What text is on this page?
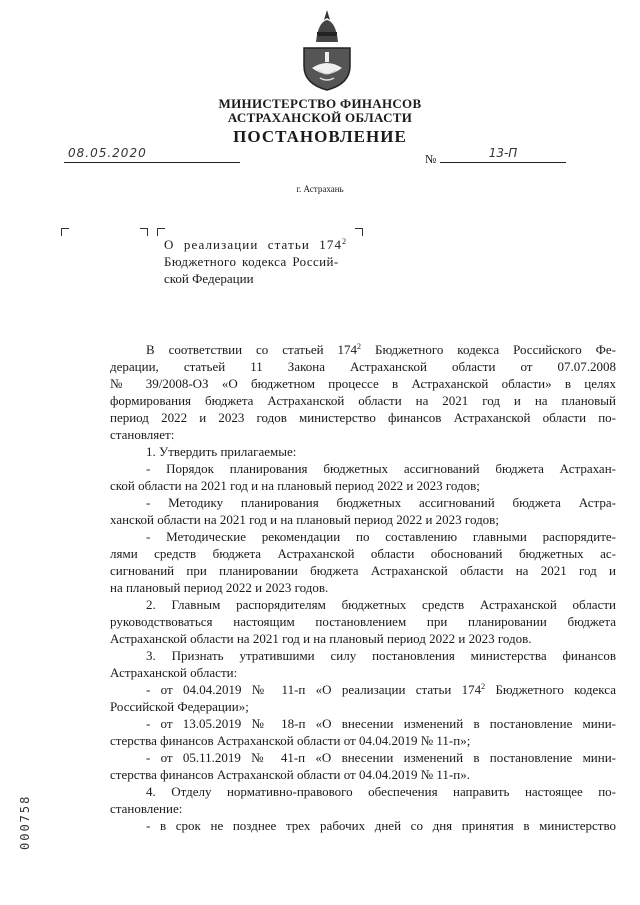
МИНИСТЕРСТВО ФИНАНСОВ
АСТРАХАНСКОЙ ОБЛАСТИ
ПОСТАНОВЛЕНИЕ
08.05.2020	№	13-П
г. Астрахань
О реализации статьи $174^2$
Бюджетного кодекса Россий-
ской Федерации
В соответствии со статьей $174^2$ Бюджетного кодекса Российского Фе-
дерации, статьей 11 Закона Астраханской области от 07.07.2008
№ 39/2008-ОЗ «О бюджетном процессе в Астраханской области» в целях
формирования бюджета Астраханской области на 2021 год и на плановый
период 2022 и 2023 годов министерство финансов Астраханской области по-
становляет:
1. Утвердить прилагаемые:
- Порядок планирования бюджетных ассигнований бюджета Астрахан-
ской области на 2021 год и на плановый период 2022 и 2023 годов;
- Методику планирования бюджетных ассигнований бюджета Астра-
ханской области на 2021 год и на плановый период 2022 и 2023 годов;
- Методические рекомендации по составлению главными распорядите-
лями средств бюджета Астраханской области обоснований бюджетных ас-
сигнований при планировании бюджета Астраханской области на 2021 год и
на плановый период 2022 и 2023 годов.
2. Главным распорядителям бюджетных средств Астраханской области
руководствоваться настоящим постановлением при планировании бюджета
Астраханской области на 2021 год и на плановый период 2022 и 2023 годов.
3. Признать утратившими силу постановления министерства финансов
Астраханской области:
- от 04.04.2019 № 11-п «О реализации статьи $174^2$ Бюджетного кодекса
Российской Федерации»;
- от 13.05.2019 № 18-п «О внесении изменений в постановление мини-
стерства финансов Астраханской области от 04.04.2019 № 11-п»;
- от 05.11.2019 № 41-п «О внесении изменений в постановление мини-
стерства финансов Астраханской области от 04.04.2019 № 11-п».
4. Отделу нормативно-правового обеспечения направить настоящее по-
становление:
- в срок не позднее трех рабочих дней со дня принятия в министерство
000758
